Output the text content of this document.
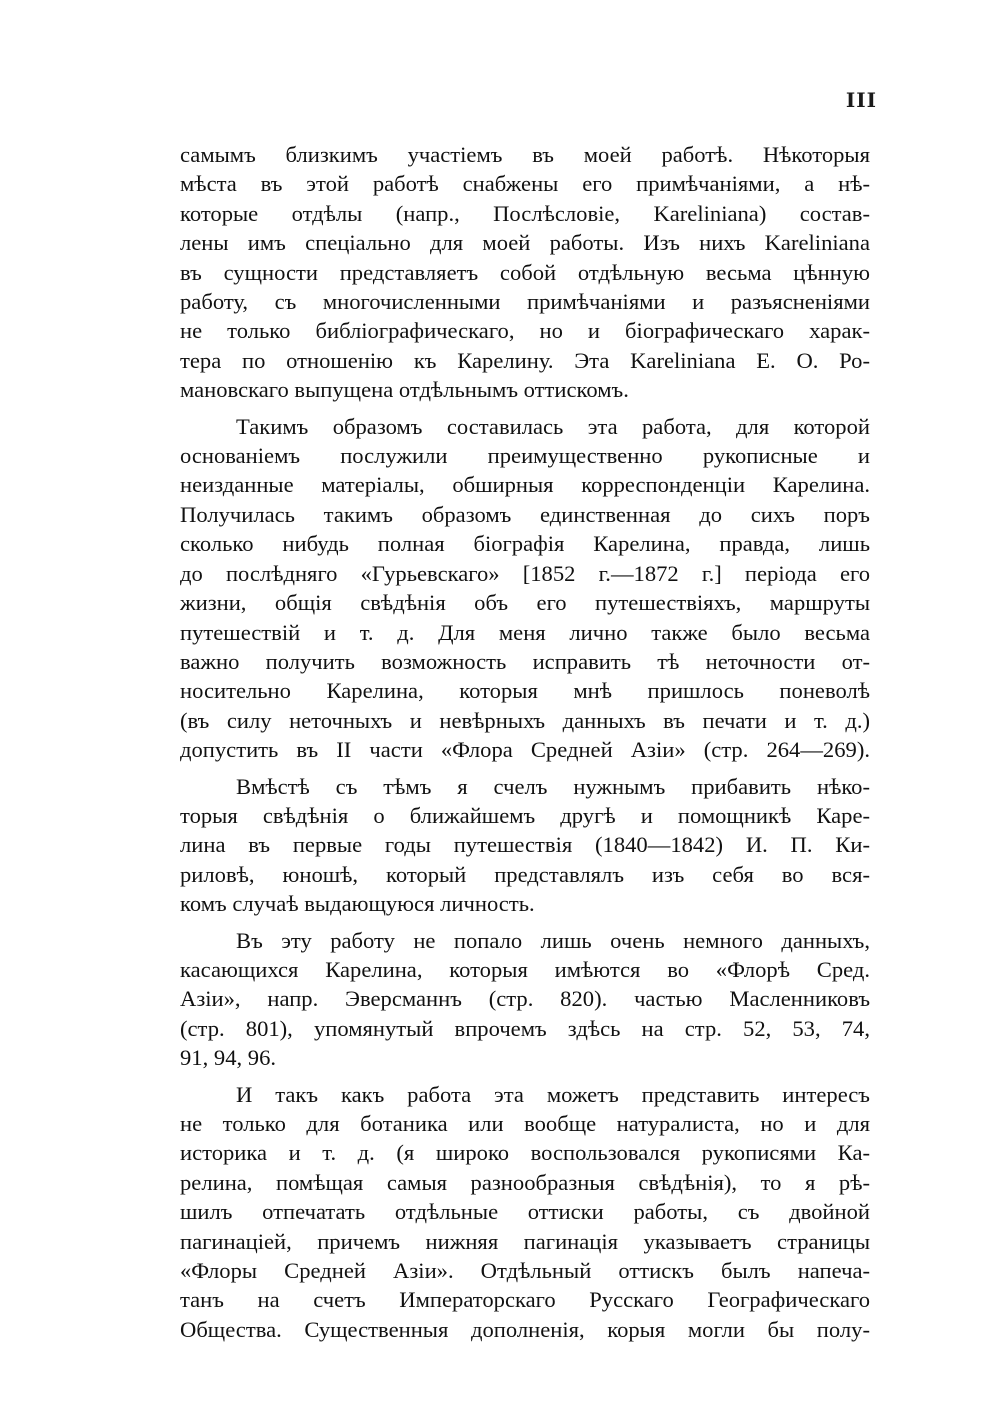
III
самымъ близкимъ участіемъ въ моей работѣ. Нѣкоторыя
мѣста въ этой работѣ снабжены его примѣчаніями, а нѣ-
которые отдѣлы (напр., Послѣсловіе, Kareliniana) состав-
лены имъ спеціально для моей работы. Изъ нихъ Kareliniana
въ сущности представляетъ собой отдѣльную весьма цѣнную
работу, съ многочисленными примѣчаніями и разъясненіями
не только библіографическаго, но и біографическаго харак-
тера по отношенію къ Карелину. Эта Kareliniana Е. О. Ро-
мановскаго выпущена отдѣльнымъ оттискомъ.
Такимъ образомъ составилась эта работа, для которой
основаніемъ послужили преимущественно рукописные и
неизданные матеріалы, обширныя корреспонденціи Карелина.
Получилась такимъ образомъ единственная до сихъ поръ
сколько нибудь полная біографія Карелина, правда, лишь
до послѣдняго «Гурьевскаго» [1852 г.—1872 г.] періода его
жизни, общія свѣдѣнія объ его путешествіяхъ, маршруты
путешествій и т. д. Для меня лично также было весьма
важно получить возможность исправить тѣ неточности от-
носительно Карелина, которыя мнѣ пришлось поневолѣ
(въ силу неточныхъ и невѣрныхъ данныхъ въ печати и т. д.)
допустить въ II части «Флора Средней Азіи» (стр. 264—269).
Вмѣстѣ съ тѣмъ я счелъ нужнымъ прибавить нѣко-
торыя свѣдѣнія о ближайшемъ другѣ и помощникѣ Каре-
лина въ первые годы путешествія (1840—1842) И. П. Ки-
риловѣ, юношѣ, который представлялъ изъ себя во вся-
комъ случаѣ выдающуюся личность.
Въ эту работу не попало лишь очень немного данныхъ,
касающихся Карелина, которыя имѣются во «Флорѣ Сред.
Азіи», напр. Эверсманнъ (стр. 820). частью Масленниковъ
(стр. 801), упомянутый впрочемъ здѣсь на стр. 52, 53, 74,
91, 94, 96.
И такъ какъ работа эта можетъ представить интересъ
не только для ботаника или вообще натуралиста, но и для
историка и т. д. (я широко воспользовался рукописями Ка-
релина, помѣщая самыя разнообразныя свѣдѣнія), то я рѣ-
шилъ отпечатать отдѣльные оттиски работы, съ двойной
пагинаціей, причемъ нижняя пагинація указываетъ страницы
«Флоры Средней Азіи». Отдѣльный оттискъ былъ напеча-
танъ на счетъ Императорскаго Русскаго Географическаго
Общества. Существенныя дополненія, корыя могли бы полу-
